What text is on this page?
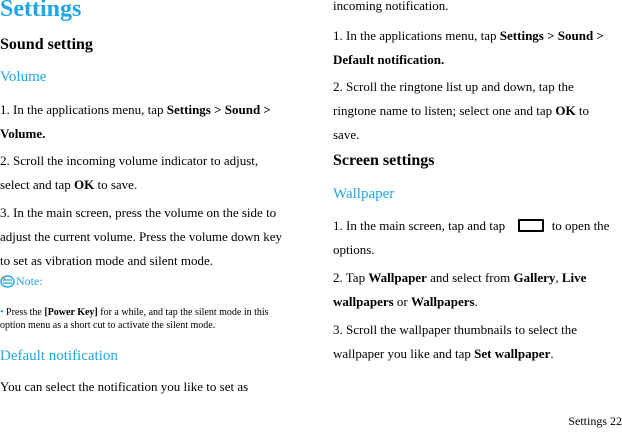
Settings
Sound setting
Volume

1. In the applications menu, tap Settings > Sound > Volume.

2. Scroll the incoming volume indicator to adjust, select and tap OK to save.

3. In the main screen, press the volume on the side to adjust the current volume. Press the volume down key to set as vibration mode and silent mode.

Note:

• Press the [Power Key] for a while, and tap the silent mode in this option menu as a short cut to activate the silent mode.

Default notification

You can select the notification you like to set as

incoming notification.

1. In the applications menu, tap Settings > Sound > Default notification.

2. Scroll the ringtone list up and down, tap the ringtone name to listen; select one and tap OK to save.

Screen settings
Wallpaper

1. In the main screen, tap and tap	to open the options.

2. Tap Wallpaper and select from Gallery, Live wallpapers or Wallpapers.

3. Scroll the wallpaper thumbnails to select the wallpaper you like and tap Set wallpaper.

Settings 22
